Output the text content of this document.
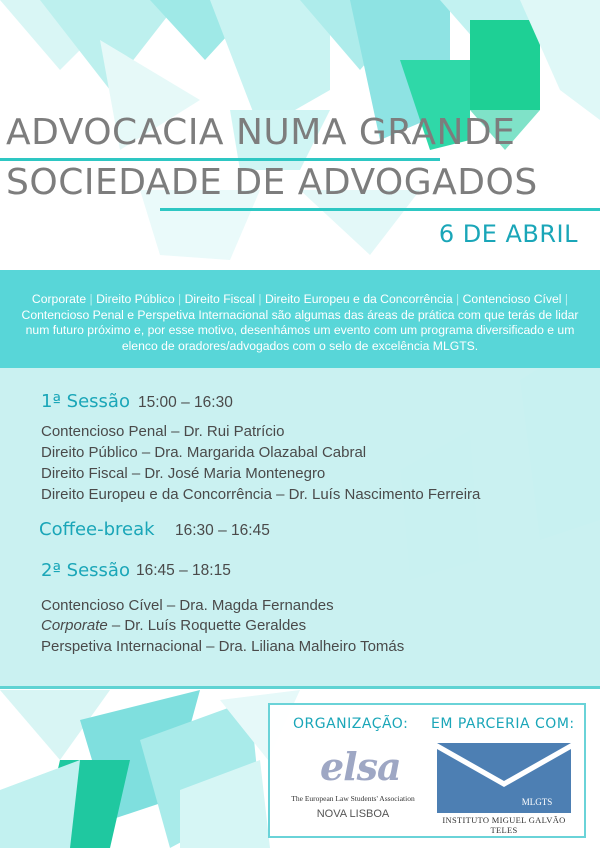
ADVOCACIA NUMA GRANDE
SOCIEDADE DE ADVOGADOS
6 DE ABRIL
Corporate | Direito Público | Direito Fiscal | Direito Europeu e da Concorrência | Contencioso Cível | Contencioso Penal e Perspetiva Internacional são algumas das áreas de prática com que terás de lidar num futuro próximo e, por esse motivo, desenhámos um evento com um programa diversificado e um elenco de oradores/advogados com o selo de excelência MLGTS.
1ª Sessão 15:00 – 16:30
Contencioso Penal – Dr. Rui Patrício
Direito Público – Dra. Margarida Olazabal Cabral
Direito Fiscal – Dr. José Maria Montenegro
Direito Europeu e da Concorrência – Dr. Luís Nascimento Ferreira
Coffee-break 16:30 – 16:45
2ª Sessão 16:45 – 18:15
Contencioso Cível – Dra. Magda Fernandes
Corporate – Dr. Luís Roquette Geraldes
Perspetiva Internacional – Dra. Liliana Malheiro Tomás
ORGANIZAÇÃO: EM PARCERIA COM:
elsa
The European Law Students' Association
NOVA LISBOA
MLGTS
INSTITUTO MIGUEL GALVÃO TELES
